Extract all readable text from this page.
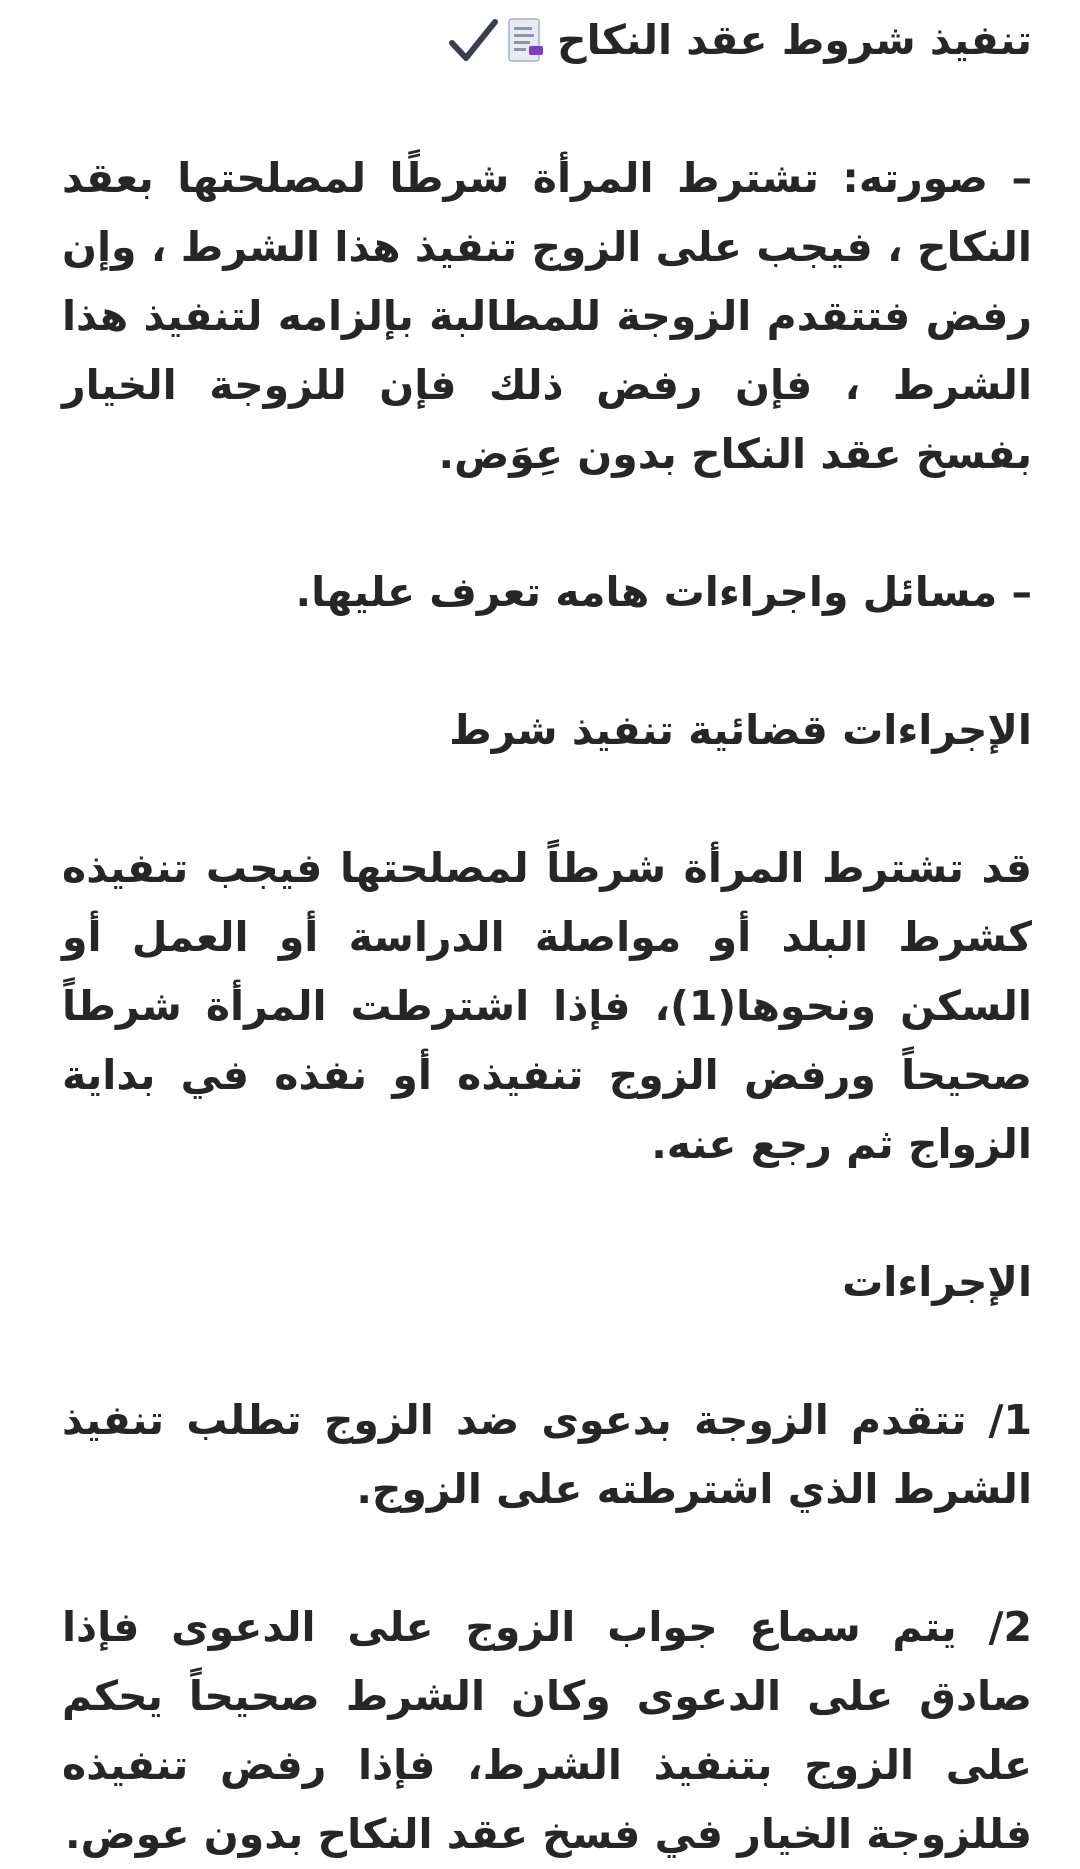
تنفيذ شروط عقد النكاح

– صورته: تشترط المرأة شرطًا لمصلحتها بعقد النكاح ، فيجب على الزوج تنفيذ هذا الشرط ، وإن رفض فتتقدم الزوجة للمطالبة بإلزامه لتنفيذ هذا الشرط ، فإن رفض ذلك فإن للزوجة الخيار بفسخ عقد النكاح بدون عِوَض.

– مسائل واجراءات هامه تعرف عليها.

الإجراءات قضائية تنفيذ شرط

قد تشترط المرأة شرطاً لمصلحتها فيجب تنفيذه كشرط البلد أو مواصلة الدراسة أو العمل أو السكن ونحوها(1)، فإذا اشترطت المرأة شرطاً صحيحاً ورفض الزوج تنفيذه أو نفذه في بداية الزواج ثم رجع عنه.

الإجراءات

1/ تتقدم الزوجة بدعوى ضد الزوج تطلب تنفيذ الشرط الذي اشترطته على الزوج.

2/ يتم سماع جواب الزوج على الدعوى فإذا صادق على الدعوى وكان الشرط صحيحاً يحكم على الزوج بتنفيذ الشرط، فإذا رفض تنفيذه فللزوجة الخيار في فسخ عقد النكاح بدون عوض.
